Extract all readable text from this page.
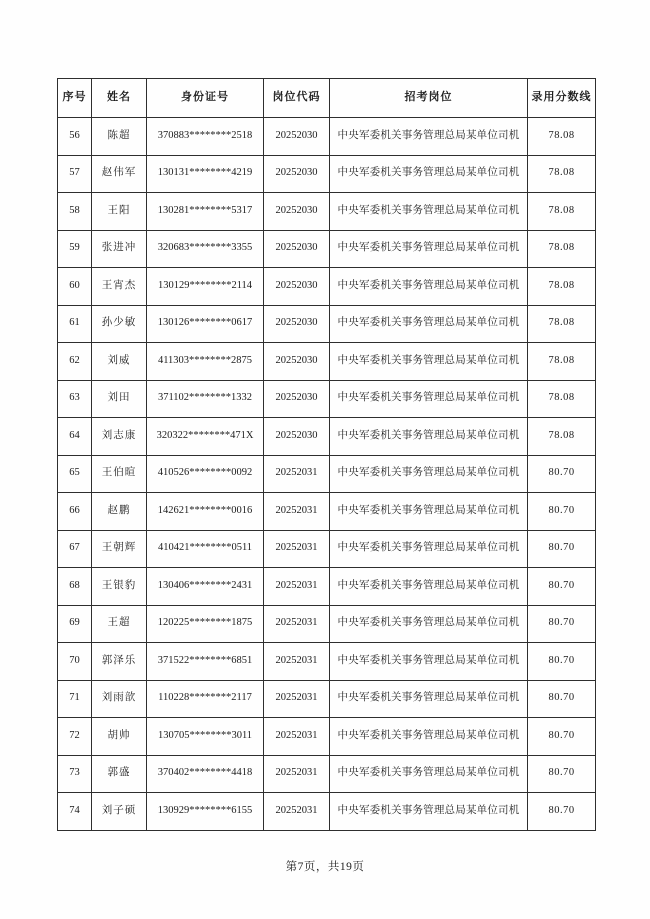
序号	姓名	身份证号	岗位代码	招考岗位	录用分数线
56	陈超	370883********2518	20252030	中央军委机关事务管理总局某单位司机	78.08
57	赵伟军	130131********4219	20252030	中央军委机关事务管理总局某单位司机	78.08
58	王阳	130281********5317	20252030	中央军委机关事务管理总局某单位司机	78.08
59	张进冲	320683********3355	20252030	中央军委机关事务管理总局某单位司机	78.08
60	王宵杰	130129********2114	20252030	中央军委机关事务管理总局某单位司机	78.08
61	孙少敏	130126********0617	20252030	中央军委机关事务管理总局某单位司机	78.08
62	刘威	411303********2875	20252030	中央军委机关事务管理总局某单位司机	78.08
63	刘田	371102********1332	20252030	中央军委机关事务管理总局某单位司机	78.08
64	刘志康	320322********471X	20252030	中央军委机关事务管理总局某单位司机	78.08
65	王伯暄	410526********0092	20252031	中央军委机关事务管理总局某单位司机	80.70
66	赵鹏	142621********0016	20252031	中央军委机关事务管理总局某单位司机	80.70
67	王朝辉	410421********0511	20252031	中央军委机关事务管理总局某单位司机	80.70
68	王银豹	130406********2431	20252031	中央军委机关事务管理总局某单位司机	80.70
69	王超	120225********1875	20252031	中央军委机关事务管理总局某单位司机	80.70
70	郭泽乐	371522********6851	20252031	中央军委机关事务管理总局某单位司机	80.70
71	刘雨歆	110228********2117	20252031	中央军委机关事务管理总局某单位司机	80.70
72	胡帅	130705********3011	20252031	中央军委机关事务管理总局某单位司机	80.70
73	郭盛	370402********4418	20252031	中央军委机关事务管理总局某单位司机	80.70
74	刘子硕	130929********6155	20252031	中央军委机关事务管理总局某单位司机	80.70
第7页，共19页
